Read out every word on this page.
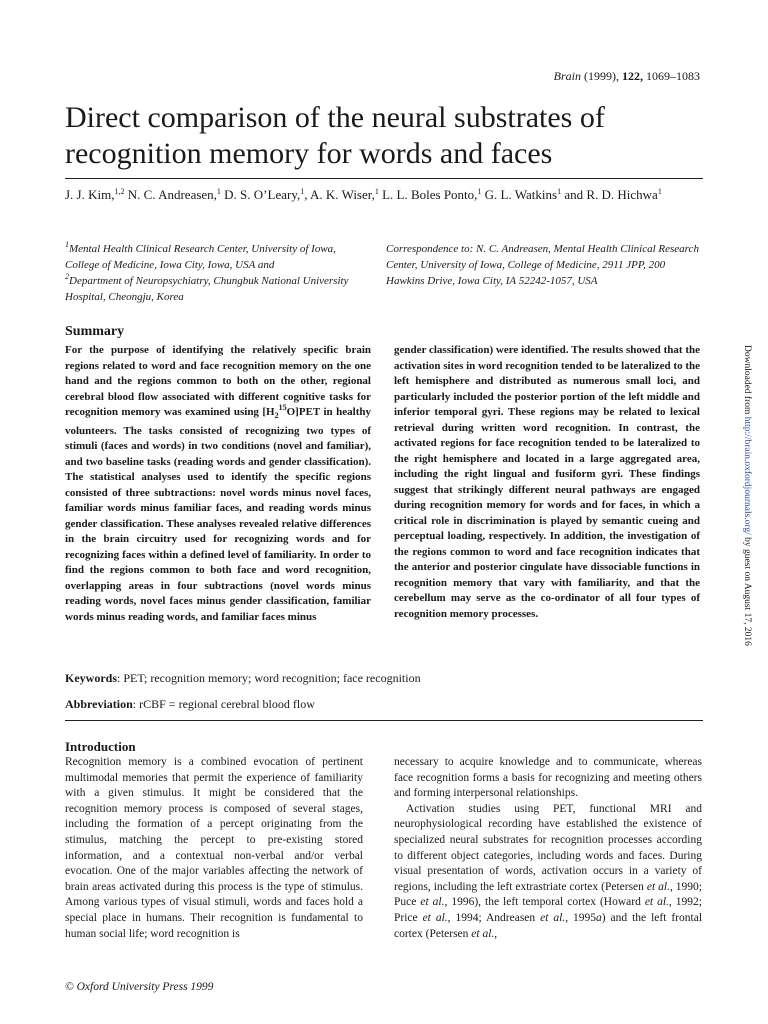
Brain (1999), 122, 1069–1083
Direct comparison of the neural substrates of recognition memory for words and faces
J. J. Kim,$^{1,2}$ N. C. Andreasen,$^1$ D. S. O’Leary,$^1$, A. K. Wiser,$^1$ L. L. Boles Ponto,$^1$ G. L. Watkins$^1$ and R. D. Hichwa$^1$
$^1$Mental Health Clinical Research Center, University of Iowa, College of Medicine, Iowa City, Iowa, USA and
$^2$Department of Neuropsychiatry, Chungbuk National University Hospital, Cheongju, Korea
Correspondence to: N. C. Andreasen, Mental Health Clinical Research Center, University of Iowa, College of Medicine, 2911 JPP, 200 Hawkins Drive, Iowa City, IA 52242-1057, USA
Summary
For the purpose of identifying the relatively specific brain regions related to word and face recognition memory on the one hand and the regions common to both on the other, regional cerebral blood flow associated with different cognitive tasks for recognition memory was examined using $[H_2^{15}O]PET$ in healthy volunteers. The tasks consisted of recognizing two types of stimuli (faces and words) in two conditions (novel and familiar), and two baseline tasks (reading words and gender classification). The statistical analyses used to identify the specific regions consisted of three subtractions: novel words minus novel faces, familiar words minus familiar faces, and reading words minus gender classification. These analyses revealed relative differences in the brain circuitry used for recognizing words and for recognizing faces within a defined level of familiarity. In order to find the regions common to both face and word recognition, overlapping areas in four subtractions (novel words minus reading words, novel faces minus gender classification, familiar words minus reading words, and familiar faces minus
gender classification) were identified. The results showed that the activation sites in word recognition tended to be lateralized to the left hemisphere and distributed as numerous small loci, and particularly included the posterior portion of the left middle and inferior temporal gyri. These regions may be related to lexical retrieval during written word recognition. In contrast, the activated regions for face recognition tended to be lateralized to the right hemisphere and located in a large aggregated area, including the right lingual and fusiform gyri. These findings suggest that strikingly different neural pathways are engaged during recognition memory for words and for faces, in which a critical role in discrimination is played by semantic cueing and perceptual loading, respectively. In addition, the investigation of the regions common to word and face recognition indicates that the anterior and posterior cingulate have dissociable functions in recognition memory that vary with familiarity, and that the cerebellum may serve as the co-ordinator of all four types of recognition memory processes.
Keywords: PET; recognition memory; word recognition; face recognition
Abbreviation: rCBF = regional cerebral blood flow
Introduction
Recognition memory is a combined evocation of pertinent multimodal memories that permit the experience of familiarity with a given stimulus. It might be considered that the recognition memory process is composed of several stages, including the formation of a percept originating from the stimulus, matching the percept to pre-existing stored information, and a contextual non-verbal and/or verbal evocation. One of the major variables affecting the network of brain areas activated during this process is the type of stimulus. Among various types of visual stimuli, words and faces hold a special place in humans. Their recognition is fundamental to human social life; word recognition is

necessary to acquire knowledge and to communicate, whereas face recognition forms a basis for recognizing and meeting others and forming interpersonal relationships.

Activation studies using PET, functional MRI and neurophysiological recording have established the existence of specialized neural substrates for recognition processes according to different object categories, including words and faces. During visual presentation of words, activation occurs in a variety of regions, including the left extrastriate cortex (Petersen et al., 1990; Puce et al., 1996), the left temporal cortex (Howard et al., 1992; Price et al., 1994; Andreasen et al., 1995a) and the left frontal cortex (Petersen et al.,

© Oxford University Press 1999
Downloaded from http://brain.oxfordjournals.org/ by guest on August 17, 2016
